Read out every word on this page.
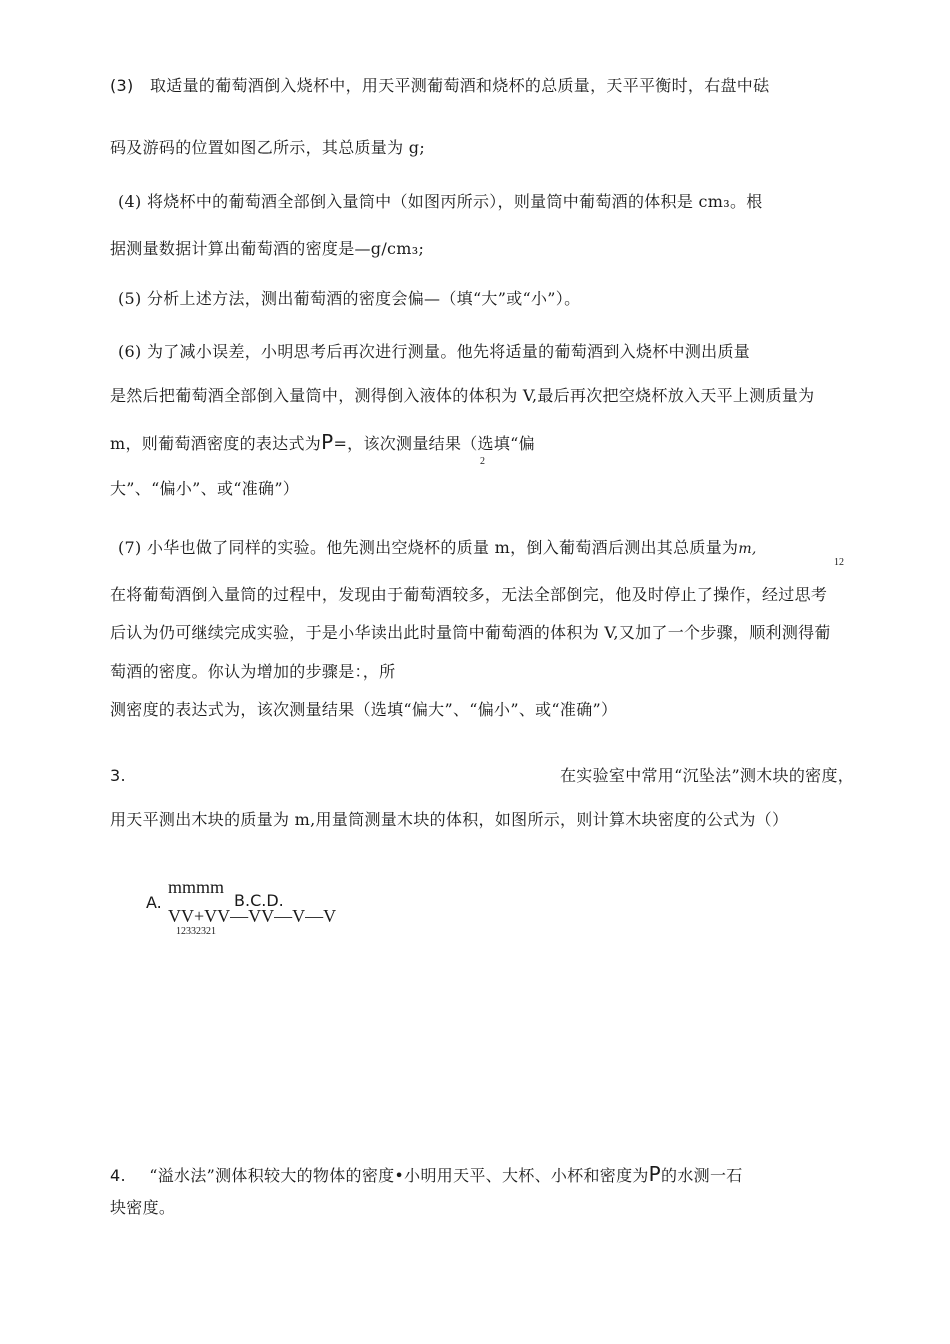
(3) 取适量的葡萄酒倒入烧杯中，用天平测葡萄酒和烧杯的总质量，天平平衡时，右盘中砝
码及游码的位置如图乙所示，其总质量为 g;
(4) 将烧杯中的葡萄酒全部倒入量筒中（如图丙所示），则量筒中葡萄酒的体积是 cm₃。根
据测量数据计算出葡萄酒的密度是—g/cm₃;
(5) 分析上述方法，测出葡萄酒的密度会偏—（填“大”或“小”）。
(6) 为了减小误差，小明思考后再次进行测量。他先将适量的葡萄酒到入烧杯中测出质量
是然后把葡萄酒全部倒入量筒中，测得倒入液体的体积为 V,最后再次把空烧杯放入天平上测质量为
m，则葡萄酒密度的表达式为P=，该次测量结果（选填“偏
2
大”、“偏小”、或“准确”）
(7) 小华也做了同样的实验。他先测出空烧杯的质量 m，倒入葡萄酒后测出其总质量为m,
12
在将葡萄酒倒入量筒的过程中，发现由于葡萄酒较多，无法全部倒完，他及时停止了操作，经过思考
后认为仍可继续完成实验，于是小华读出此时量筒中葡萄酒的体积为 V,又加了一个步骤，顺利测得葡
萄酒的密度。你认为增加的步骤是：，所
测密度的表达式为，该次测量结果（选填“偏大”、“偏小”、或“准确”）
3.	在实验室中常用“沉坠法”测木块的密度，
用天平测出木块的质量为 m,用量筒测量木块的体积，如图所示，则计算木块密度的公式为（）
mmmm
A.	B.C.D.
VV+VV—VV—V—V
12332321
4. “溢水法”测体积较大的物体的密度•小明用天平、大杯、小杯和密度为P的水测一石
块密度。
